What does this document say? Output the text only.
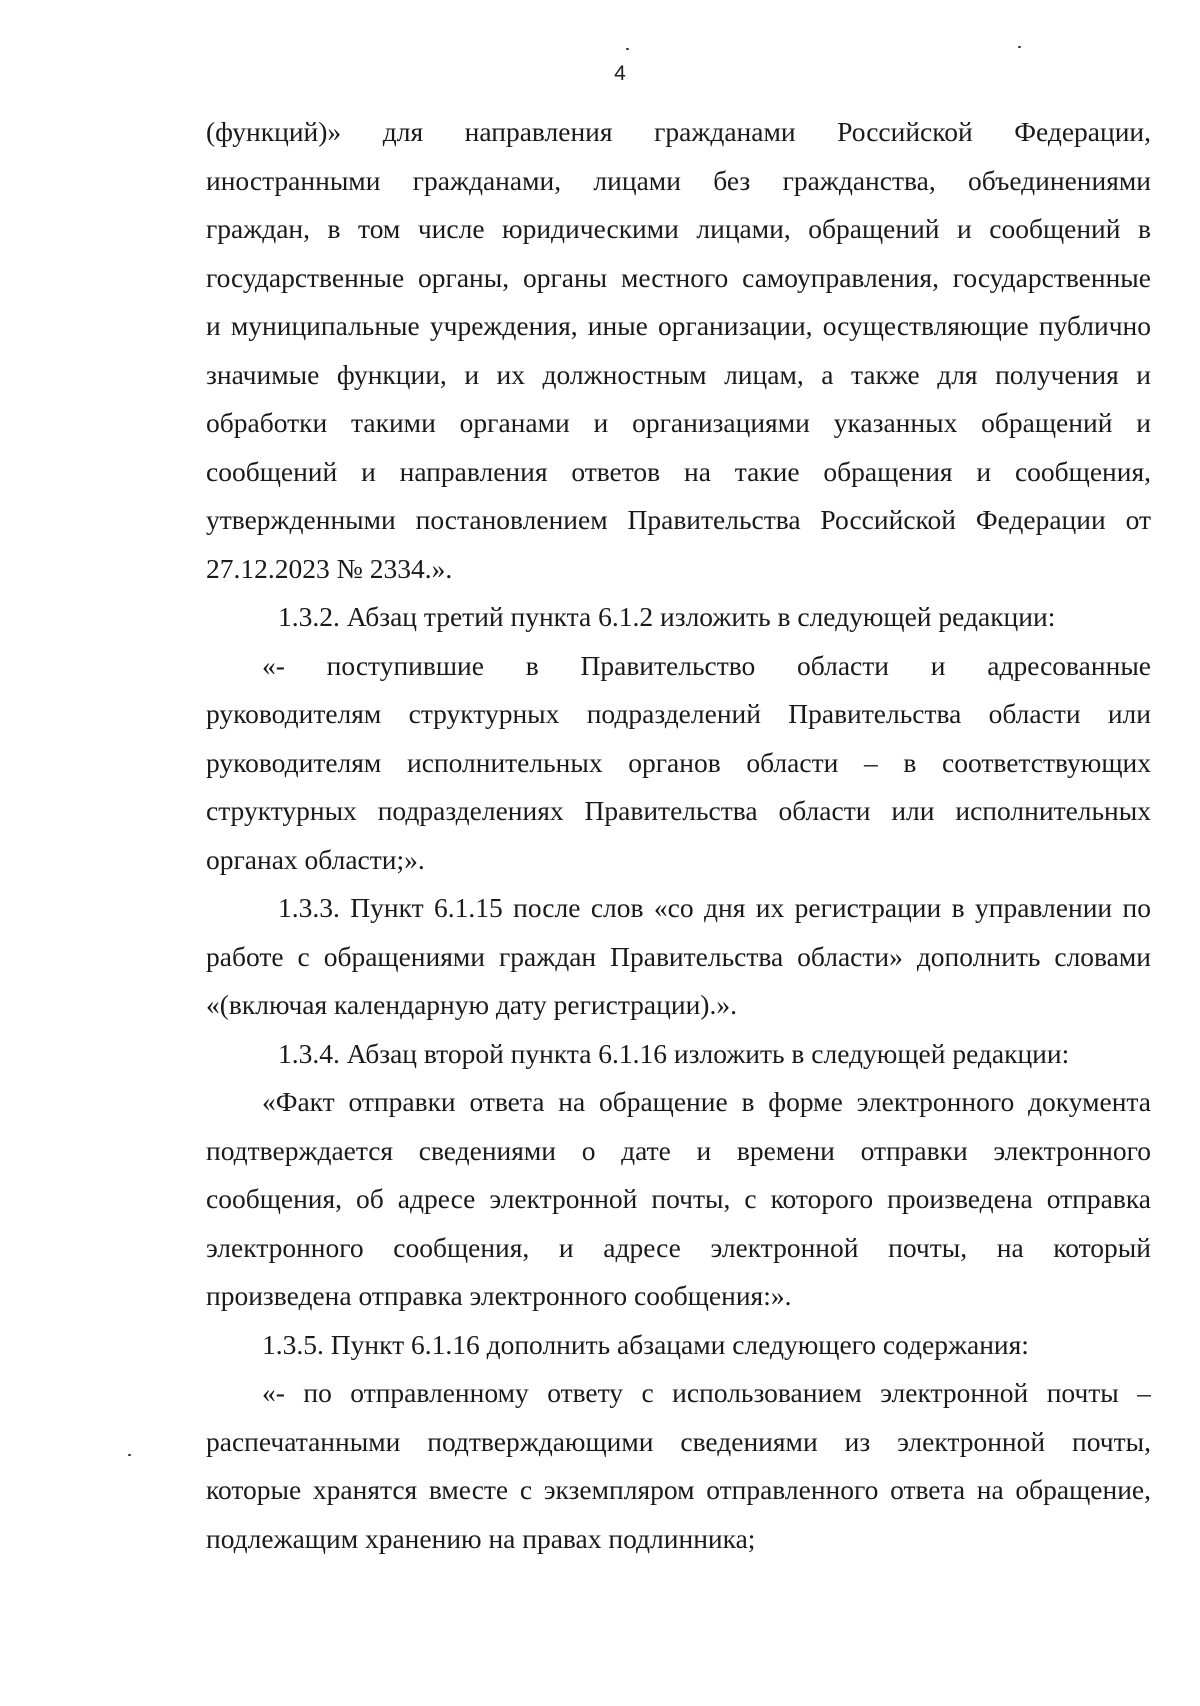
4
(функций)» для направления гражданами Российской Федерации,
иностранными гражданами, лицами без гражданства, объединениями
граждан, в том числе юридическими лицами, обращений и сообщений в
государственные органы, органы местного самоуправления, государственные
и муниципальные учреждения, иные организации, осуществляющие публично
значимые функции, и их должностным лицам, а также для получения и
обработки такими органами и организациями указанных обращений и
сообщений и направления ответов на такие обращения и сообщения,
утвержденными постановлением Правительства Российской Федерации от
27.12.2023 № 2334.».
1.3.2. Абзац третий пункта 6.1.2 изложить в следующей редакции:
«- поступившие в Правительство области и адресованные
руководителям структурных подразделений Правительства области или
руководителям исполнительных органов области – в соответствующих
структурных подразделениях Правительства области или исполнительных
органах области;».
1.3.3. Пункт 6.1.15 после слов «со дня их регистрации в управлении по
работе с обращениями граждан Правительства области» дополнить словами
«(включая календарную дату регистрации).».
1.3.4. Абзац второй пункта 6.1.16 изложить в следующей редакции:
«Факт отправки ответа на обращение в форме электронного документа
подтверждается сведениями о дате и времени отправки электронного
сообщения, об адресе электронной почты, с которого произведена отправка
электронного сообщения, и адресе электронной почты, на который
произведена отправка электронного сообщения:».
1.3.5. Пункт 6.1.16 дополнить абзацами следующего содержания:
«- по отправленному ответу с использованием электронной почты –
распечатанными подтверждающими сведениями из электронной почты,
которые хранятся вместе с экземпляром отправленного ответа на обращение,
подлежащим хранению на правах подлинника;
